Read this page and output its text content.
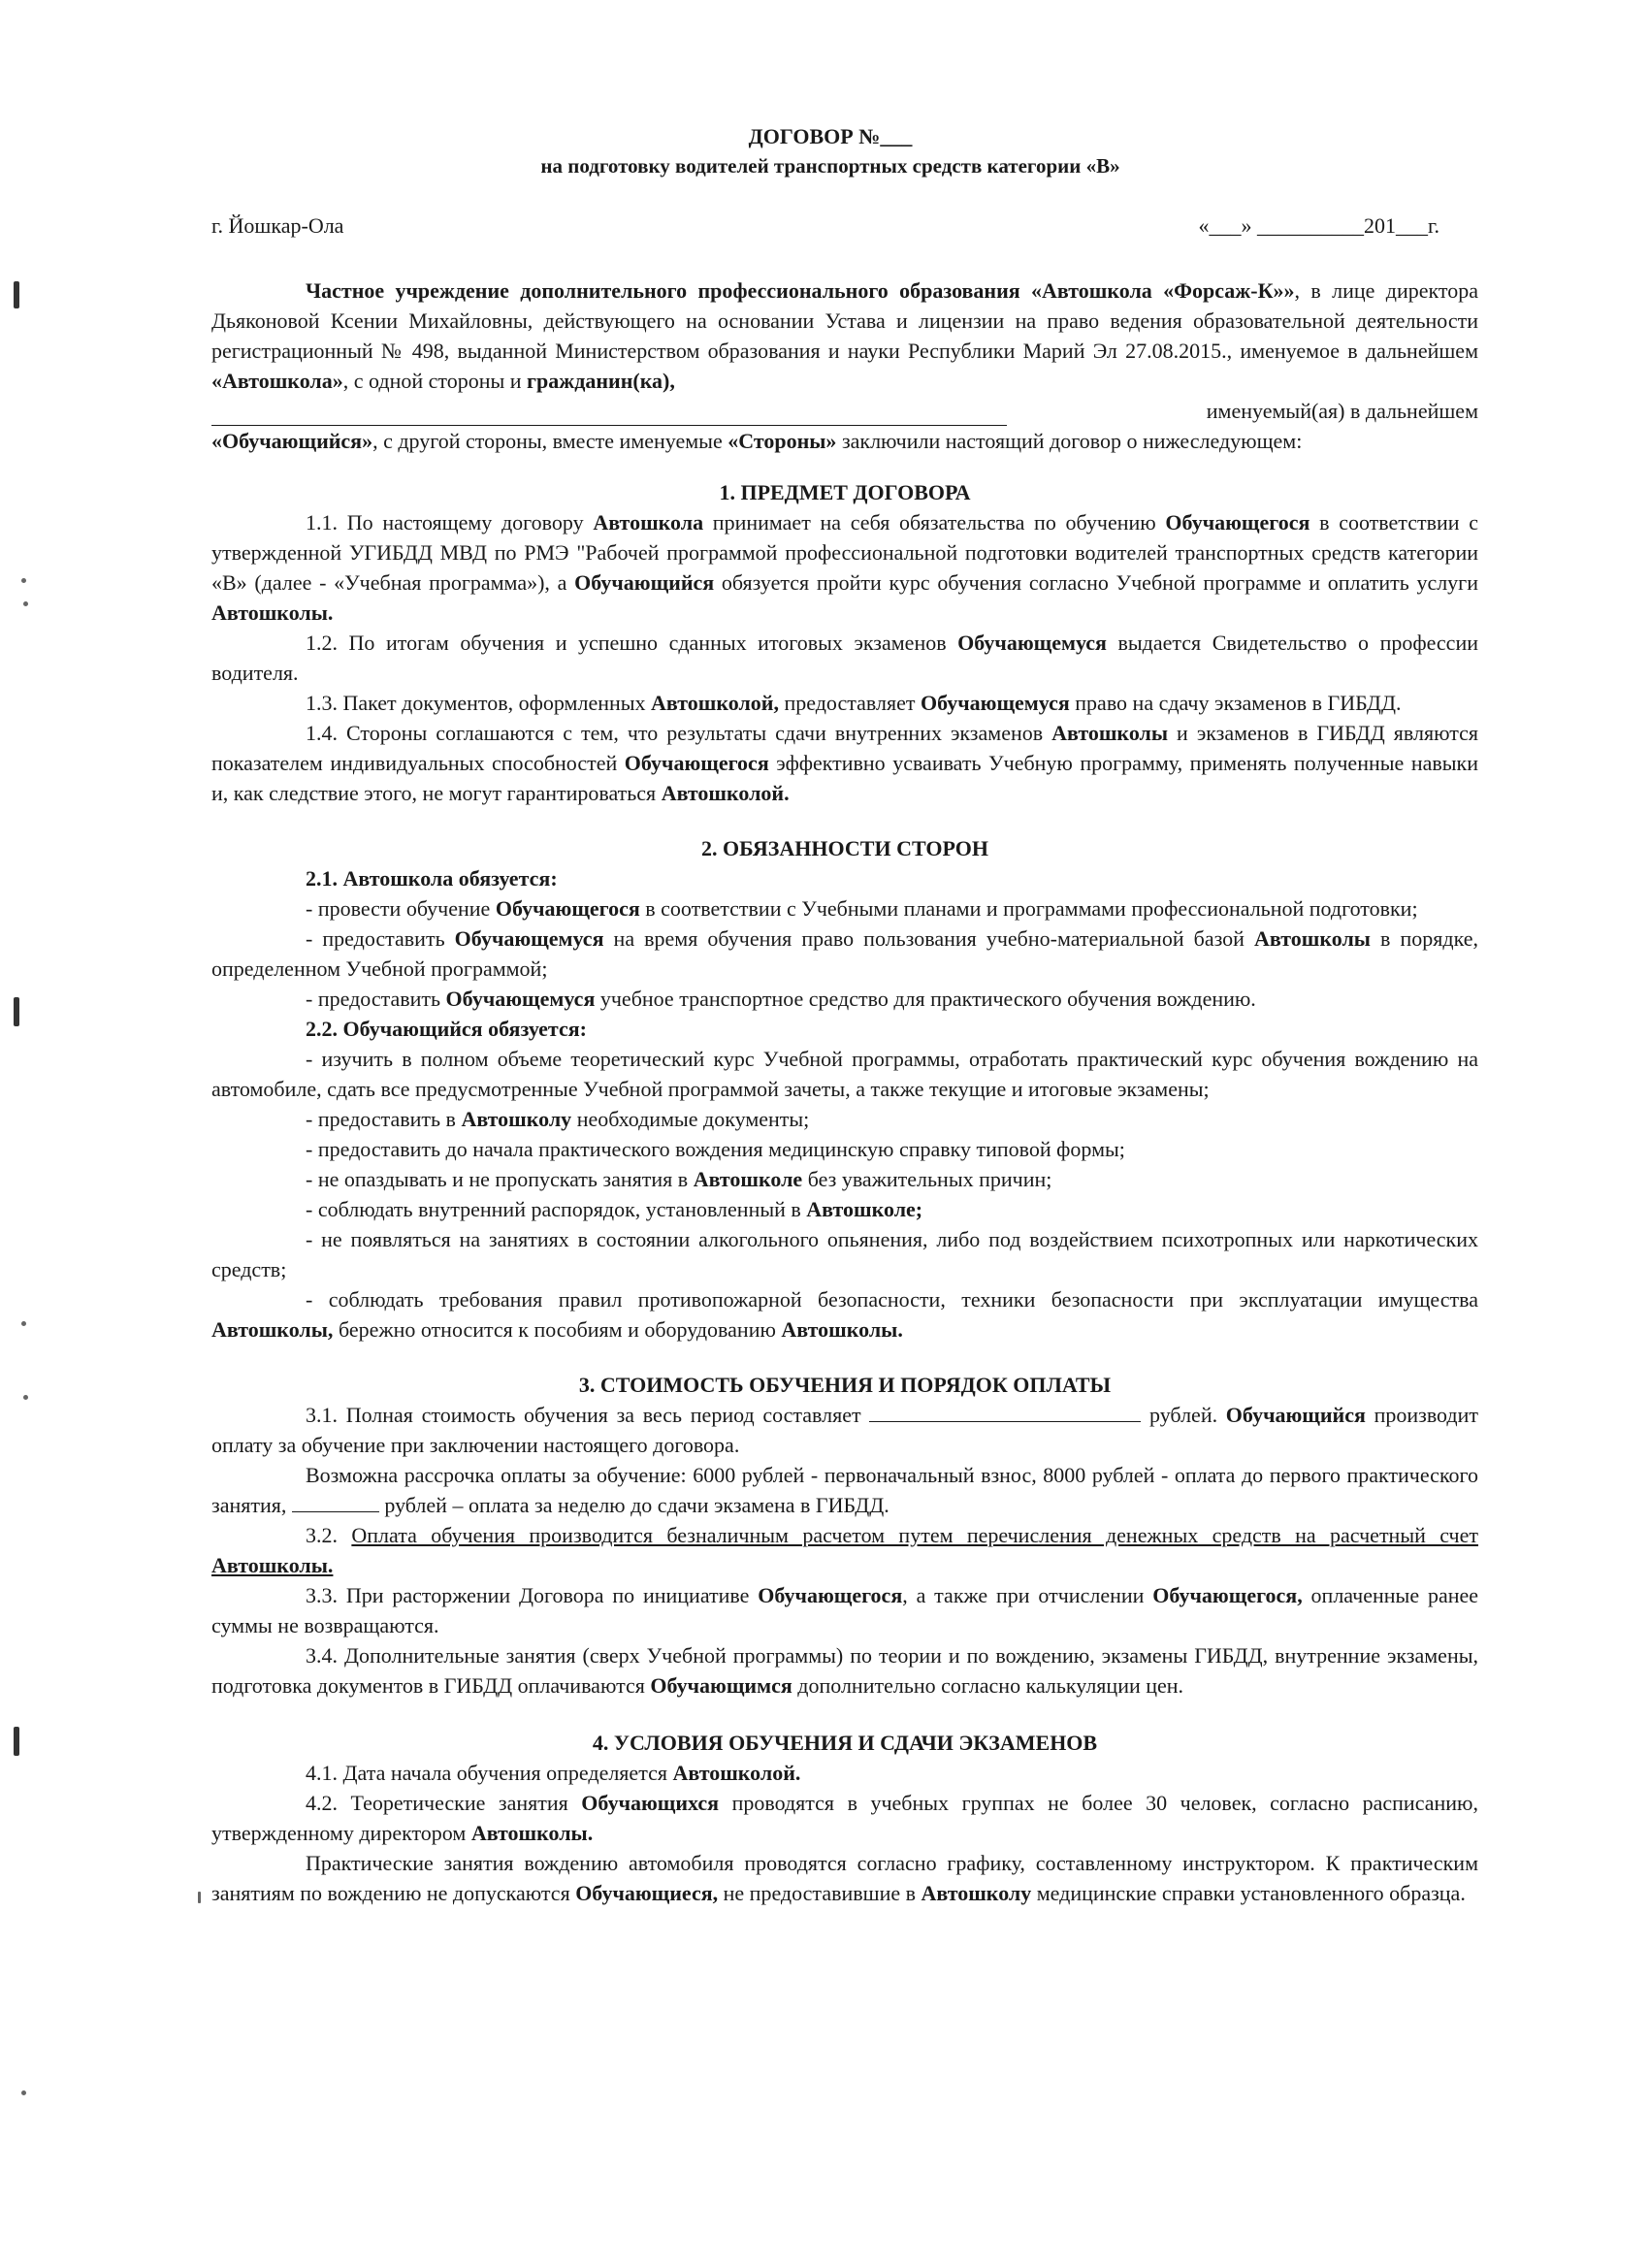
ДОГОВОР №___
на подготовку водителей транспортных средств категории «В»
г. Йошкар-Ола	«___» __________201___г.

Частное учреждение дополнительного профессионального образования «Автошкола «Форсаж-К»», в лице директора Дьяконовой Ксении Михайловны, действующего на основании Устава и лицензии на право ведения образовательной деятельности регистрационный № 498, выданной Министерством образования и науки Республики Марий Эл 27.08.2015., именуемое в дальнейшем «Автошкола», с одной стороны и гражданин(ка),

именуемый(ая) в дальнейшем

«Обучающийся», с другой стороны, вместе именуемые «Стороны» заключили настоящий договор о нижеследующем:

1. ПРЕДМЕТ ДОГОВОРА

1.1. По настоящему договору Автошкола принимает на себя обязательства по обучению Обучающегося в соответствии с утвержденной УГИБДД МВД по РМЭ "Рабочей программой профессиональной подготовки водителей транспортных средств категории «В» (далее - «Учебная программа»), а Обучающийся обязуется пройти курс обучения согласно Учебной программе и оплатить услуги Автошколы.

1.2. По итогам обучения и успешно сданных итоговых экзаменов Обучающемуся выдается Свидетельство о профессии водителя.

1.3. Пакет документов, оформленных Автошколой, предоставляет Обучающемуся право на сдачу экзаменов в ГИБДД.

1.4. Стороны соглашаются с тем, что результаты сдачи внутренних экзаменов Автошколы и экзаменов в ГИБДД являются показателем индивидуальных способностей Обучающегося эффективно усваивать Учебную программу, применять полученные навыки и, как следствие этого, не могут гарантироваться Автошколой.

2. ОБЯЗАННОСТИ СТОРОН

2.1. Автошкола обязуется:

- провести обучение Обучающегося в соответствии с Учебными планами и программами профессиональной подготовки;

- предоставить Обучающемуся на время обучения право пользования учебно-материальной базой Автошколы в порядке, определенном Учебной программой;

- предоставить Обучающемуся учебное транспортное средство для практического обучения вождению.

2.2. Обучающийся обязуется:

- изучить в полном объеме теоретический курс Учебной программы, отработать практический курс обучения вождению на автомобиле, сдать все предусмотренные Учебной программой зачеты, а также текущие и итоговые экзамены;

- предоставить в Автошколу необходимые документы;

- предоставить до начала практического вождения медицинскую справку типовой формы;

- не опаздывать и не пропускать занятия в Автошколе без уважительных причин;

- соблюдать внутренний распорядок, установленный в Автошколе;

- не появляться на занятиях в состоянии алкогольного опьянения, либо под воздействием психотропных или наркотических средств;

- соблюдать требования правил противопожарной безопасности, техники безопасности при эксплуатации имущества Автошколы, бережно относится к пособиям и оборудованию Автошколы.

3. СТОИМОСТЬ ОБУЧЕНИЯ И ПОРЯДОК ОПЛАТЫ

3.1. Полная стоимость обучения за весь период составляет	рублей. Обучающийся производит оплату за обучение при заключении настоящего договора.

Возможна рассрочка оплаты за обучение: 6000 рублей - первоначальный взнос, 8000 рублей - оплата до первого практического занятия,	рублей – оплата за неделю до сдачи экзамена в ГИБДД.

3.2. Оплата обучения производится безналичным расчетом путем перечисления денежных средств на расчетный счет Автошколы.

3.3. При расторжении Договора по инициативе Обучающегося, а также при отчислении Обучающегося, оплаченные ранее суммы не возвращаются.

3.4. Дополнительные занятия (сверх Учебной программы) по теории и по вождению, экзамены ГИБДД, внутренние экзамены, подготовка документов в ГИБДД оплачиваются Обучающимся дополнительно согласно калькуляции цен.

4. УСЛОВИЯ ОБУЧЕНИЯ И СДАЧИ ЭКЗАМЕНОВ

4.1. Дата начала обучения определяется Автошколой.

4.2. Теоретические занятия Обучающихся проводятся в учебных группах не более 30 человек, согласно расписанию, утвержденному директором Автошколы.

Практические занятия вождению автомобиля проводятся согласно графику, составленному инструктором. К практическим занятиям по вождению не допускаются Обучающиеся, не предоставившие в Автошколу медицинские справки установленного образца.
